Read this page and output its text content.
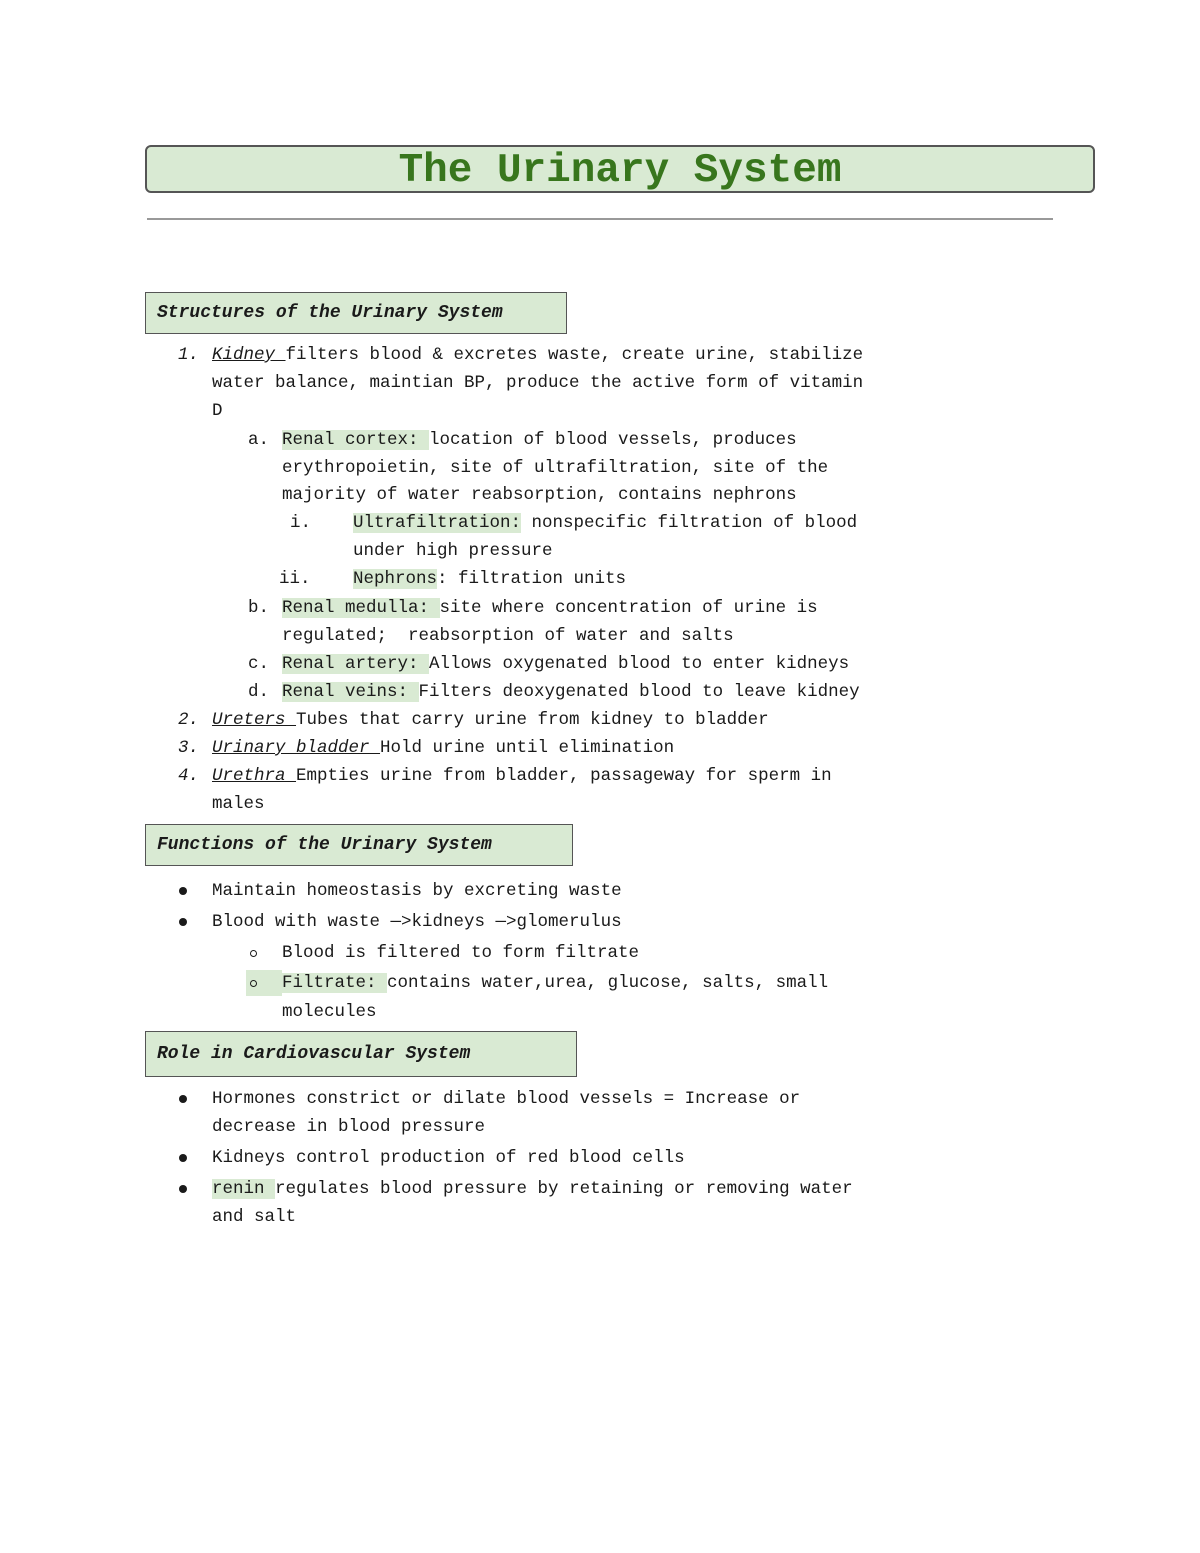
The Urinary System
Structures of the Urinary System
1. Kidney filters blood & excretes waste, create urine, stabilize
water balance, maintian BP, produce the active form of vitamin
D
a. Renal cortex: location of blood vessels, produces
erythropoietin, site of ultrafiltration, site of the
majority of water reabsorption, contains nephrons
i. Ultrafiltration: nonspecific filtration of blood
under high pressure
ii. Nephrons: filtration units
b. Renal medulla: site where concentration of urine is
regulated;  reabsorption of water and salts
c. Renal artery: Allows oxygenated blood to enter kidneys
d. Renal veins: Filters deoxygenated blood to leave kidney
2. Ureters Tubes that carry urine from kidney to bladder
3. Urinary bladder Hold urine until elimination
4. Urethra Empties urine from bladder, passageway for sperm in
males
Functions of the Urinary System
Maintain homeostasis by excreting waste
Blood with waste —>kidneys —>glomerulus
Blood is filtered to form filtrate
Filtrate: contains water,urea, glucose, salts, small
molecules
Role in Cardiovascular System
Hormones constrict or dilate blood vessels = Increase or
decrease in blood pressure
Kidneys control production of red blood cells
renin regulates blood pressure by retaining or removing water
and salt
